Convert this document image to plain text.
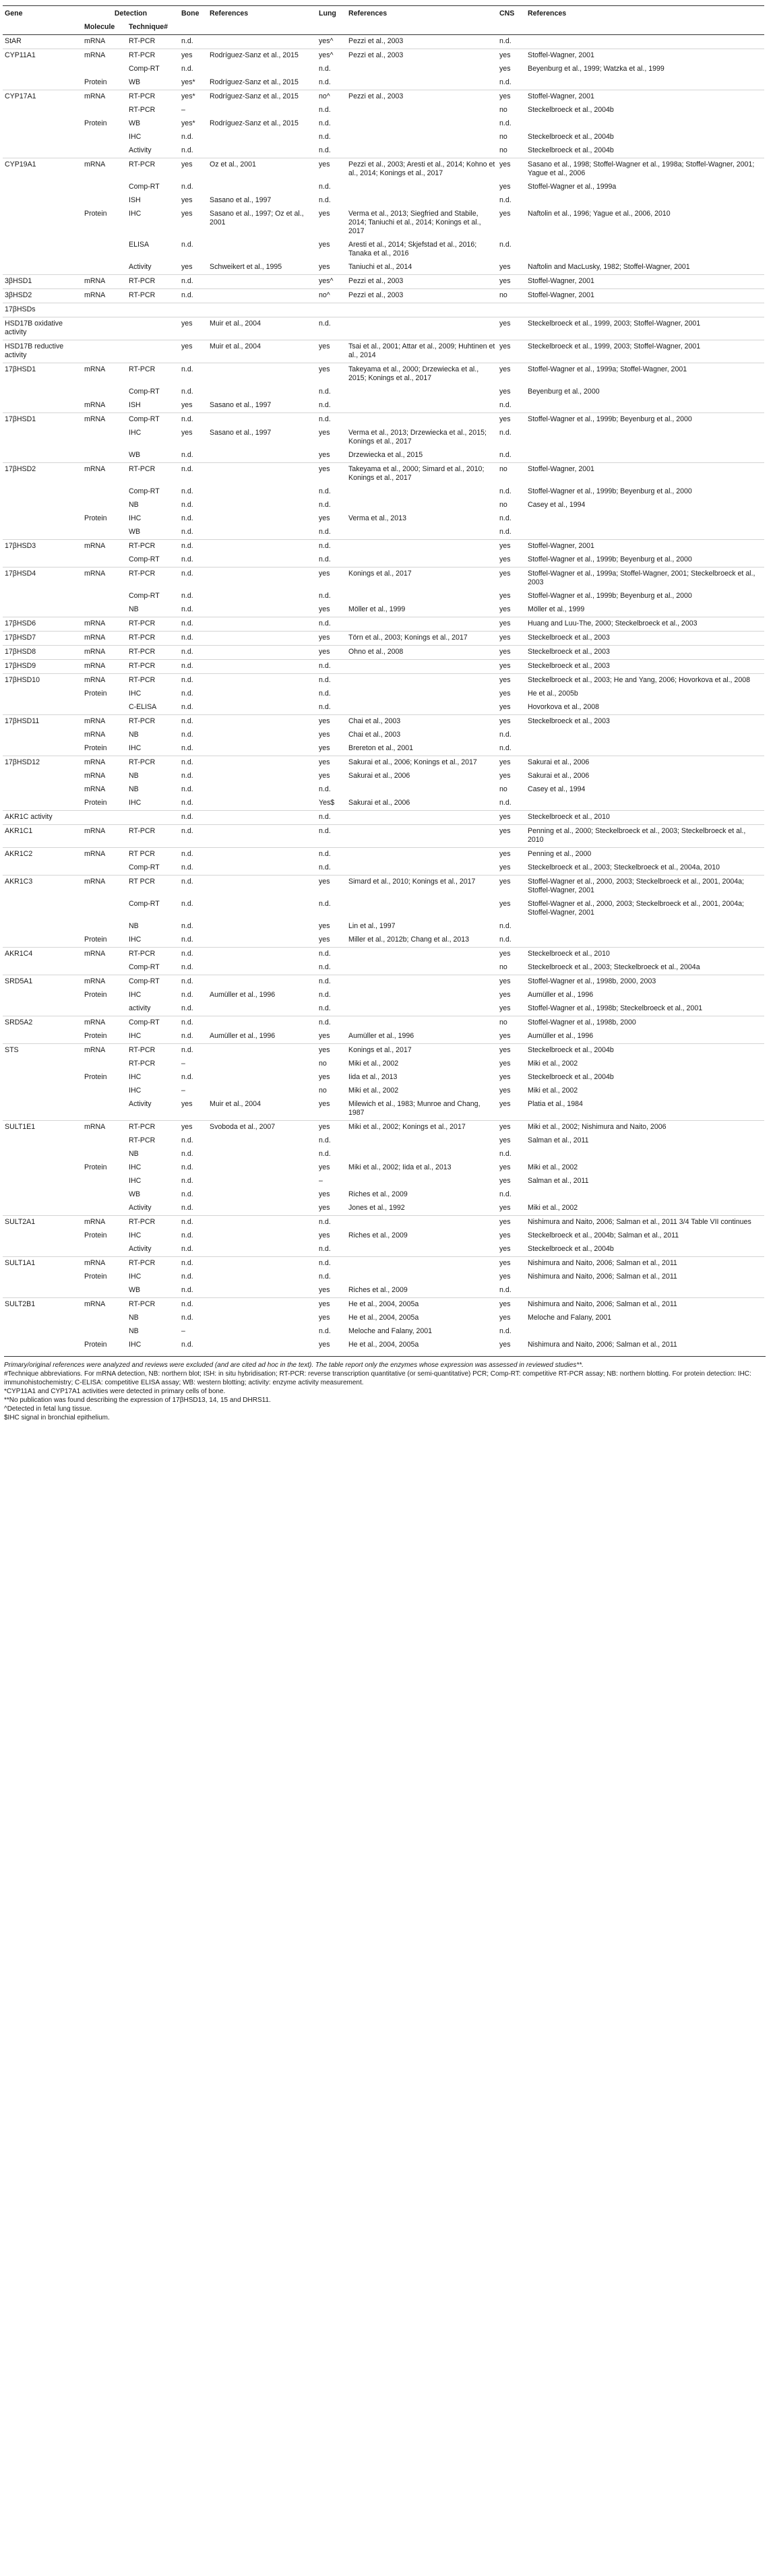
Gene	Detection		Bone	References	Lung	References	CNS	References
	Molecule	Technique#						
StAR	mRNA	RT-PCR	n.d.		yes^	Pezzi et al., 2003	n.d.	
CYP11A1	mRNA	RT-PCR	yes	Rodríguez-Sanz et al., 2015	yes^	Pezzi et al., 2003	yes	Stoffel-Wagner, 2001
		Comp-RT	n.d.		n.d.		yes	Beyenburg et al., 1999; Watzka et al., 1999
	Protein	WB	yes*	Rodríguez-Sanz et al., 2015	n.d.		n.d.	
CYP17A1	mRNA	RT-PCR	yes*	Rodríguez-Sanz et al., 2015	no^	Pezzi et al., 2003	yes	Stoffel-Wagner, 2001
		RT-PCR	–		n.d.		no	Steckelbroeck et al., 2004b
	Protein	WB	yes*	Rodríguez-Sanz et al., 2015	n.d.		n.d.	
		IHC	n.d.		n.d.		no	Steckelbroeck et al., 2004b
		Activity	n.d.		n.d.		no	Steckelbroeck et al., 2004b
CYP19A1	mRNA	RT-PCR	yes	Oz et al., 2001	yes	Pezzi et al., 2003; Aresti et al., 2014; Kohno et al., 2014; Konings et al., 2017	yes	Sasano et al., 1998; Stoffel-Wagner et al., 1998a; Stoffel-Wagner, 2001; Yague et al., 2006
		Comp-RT	n.d.		n.d.		yes	Stoffel-Wagner et al., 1999a
		ISH	yes	Sasano et al., 1997	n.d.		n.d.	
	Protein	IHC	yes	Sasano et al., 1997; Oz et al., 2001	yes	Verma et al., 2013; Siegfried and Stabile, 2014; Taniuchi et al., 2014; Konings et al., 2017	yes	Naftolin et al., 1996; Yague et al., 2006, 2010
		ELISA	n.d.		yes	Aresti et al., 2014; Skjefstad et al., 2016; Tanaka et al., 2016	n.d.	
		Activity	yes	Schweikert et al., 1995	yes	Taniuchi et al., 2014	yes	Naftolin and MacLusky, 1982; Stoffel-Wagner, 2001
3βHSD1	mRNA	RT-PCR	n.d.		yes^	Pezzi et al., 2003	yes	Stoffel-Wagner, 2001
3βHSD2	mRNA	RT-PCR	n.d.		no^	Pezzi et al., 2003	no	Stoffel-Wagner, 2001
17βHSDs								
HSD17B oxidative activity			yes	Muir et al., 2004	n.d.		yes	Steckelbroeck et al., 1999, 2003; Stoffel-Wagner, 2001
HSD17B reductive activity			yes	Muir et al., 2004	yes	Tsai et al., 2001; Attar et al., 2009; Huhtinen et al., 2014	yes	Steckelbroeck et al., 1999, 2003; Stoffel-Wagner, 2001
17βHSD1	mRNA	RT-PCR	n.d.		yes	Takeyama et al., 2000; Drzewiecka et al., 2015; Konings et al., 2017	yes	Stoffel-Wagner et al., 1999a; Stoffel-Wagner, 2001
		Comp-RT	n.d.		n.d.		yes	Beyenburg et al., 2000
	mRNA	ISH	yes	Sasano et al., 1997	n.d.		n.d.	
17βHSD1	mRNA	Comp-RT	n.d.		n.d.		yes	Stoffel-Wagner et al., 1999b; Beyenburg et al., 2000
		IHC	yes	Sasano et al., 1997	yes	Verma et al., 2013; Drzewiecka et al., 2015; Konings et al., 2017	n.d.	
		WB	n.d.		yes	Drzewiecka et al., 2015	n.d.	
17βHSD2	mRNA	RT-PCR	n.d.		yes	Takeyama et al., 2000; Simard et al., 2010; Konings et al., 2017	no	Stoffel-Wagner, 2001
		Comp-RT	n.d.		n.d.		n.d.	Stoffel-Wagner et al., 1999b; Beyenburg et al., 2000
		NB	n.d.		n.d.		no	Casey et al., 1994
	Protein	IHC	n.d.		yes	Verma et al., 2013	n.d.	
		WB	n.d.		n.d.		n.d.	
17βHSD3	mRNA	RT-PCR	n.d.		n.d.		yes	Stoffel-Wagner, 2001
		Comp-RT	n.d.		n.d.		yes	Stoffel-Wagner et al., 1999b; Beyenburg et al., 2000
17βHSD4	mRNA	RT-PCR	n.d.		yes	Konings et al., 2017	yes	Stoffel-Wagner et al., 1999a; Stoffel-Wagner, 2001; Steckelbroeck et al., 2003
		Comp-RT	n.d.		n.d.		yes	Stoffel-Wagner et al., 1999b; Beyenburg et al., 2000
		NB	n.d.		yes	Möller et al., 1999	yes	Möller et al., 1999
17βHSD6	mRNA	RT-PCR	n.d.		n.d.		yes	Huang and Luu-The, 2000; Steckelbroeck et al., 2003
17βHSD7	mRNA	RT-PCR	n.d.		yes	Törn et al., 2003; Konings et al., 2017	yes	Steckelbroeck et al., 2003
17βHSD8	mRNA	RT-PCR	n.d.		yes	Ohno et al., 2008	yes	Steckelbroeck et al., 2003
17βHSD9	mRNA	RT-PCR	n.d.		n.d.		yes	Steckelbroeck et al., 2003
17βHSD10	mRNA	RT-PCR	n.d.		n.d.		yes	Steckelbroeck et al., 2003; He and Yang, 2006; Hovorkova et al., 2008
	Protein	IHC	n.d.		n.d.		yes	He et al., 2005b
		C-ELISA	n.d.		n.d.		yes	Hovorkova et al., 2008
17βHSD11	mRNA	RT-PCR	n.d.		yes	Chai et al., 2003	yes	Steckelbroeck et al., 2003
	mRNA	NB	n.d.		yes	Chai et al., 2003	n.d.	
	Protein	IHC	n.d.		yes	Brereton et al., 2001	n.d.	
17βHSD12	mRNA	RT-PCR	n.d.		yes	Sakurai et al., 2006; Konings et al., 2017	yes	Sakurai et al., 2006
	mRNA	NB	n.d.		yes	Sakurai et al., 2006	yes	Sakurai et al., 2006
	mRNA	NB	n.d.		n.d.		no	Casey et al., 1994
	Protein	IHC	n.d.		Yes$	Sakurai et al., 2006	n.d.	
AKR1C activity			n.d.		n.d.		yes	Steckelbroeck et al., 2010
AKR1C1	mRNA	RT-PCR	n.d.		n.d.		yes	Penning et al., 2000; Steckelbroeck et al., 2003; Steckelbroeck et al., 2010
AKR1C2	mRNA	RT PCR	n.d.		n.d.		yes	Penning et al., 2000
		Comp-RT	n.d.		n.d.		yes	Steckelbroeck et al., 2003; Steckelbroeck et al., 2004a, 2010
AKR1C3	mRNA	RT PCR	n.d.		yes	Simard et al., 2010; Konings et al., 2017	yes	Stoffel-Wagner et al., 2000, 2003; Steckelbroeck et al., 2001, 2004a; Stoffel-Wagner, 2001
		Comp-RT	n.d.		n.d.		yes	Stoffel-Wagner et al., 2000, 2003; Steckelbroeck et al., 2001, 2004a; Stoffel-Wagner, 2001
		NB	n.d.		yes	Lin et al., 1997	n.d.	
	Protein	IHC	n.d.		yes	Miller et al., 2012b; Chang et al., 2013	n.d.	
AKR1C4	mRNA	RT-PCR	n.d.		n.d.		yes	Steckelbroeck et al., 2010
		Comp-RT	n.d.		n.d.		no	Steckelbroeck et al., 2003; Steckelbroeck et al., 2004a
SRD5A1	mRNA	Comp-RT	n.d.		n.d.		yes	Stoffel-Wagner et al., 1998b, 2000, 2003
	Protein	IHC	n.d.	Aumüller et al., 1996	n.d.		yes	Aumüller et al., 1996
		activity	n.d.		n.d.		yes	Stoffel-Wagner et al., 1998b; Steckelbroeck et al., 2001
SRD5A2	mRNA	Comp-RT	n.d.		n.d.		no	Stoffel-Wagner et al., 1998b, 2000
	Protein	IHC	n.d.	Aumüller et al., 1996	yes	Aumüller et al., 1996	yes	Aumüller et al., 1996
STS	mRNA	RT-PCR	n.d.		yes	Konings et al., 2017	yes	Steckelbroeck et al., 2004b
		RT-PCR	–		no	Miki et al., 2002	yes	Miki et al., 2002
	Protein	IHC	n.d.		yes	Iida et al., 2013	yes	Steckelbroeck et al., 2004b
		IHC	–		no	Miki et al., 2002	yes	Miki et al., 2002
		Activity	yes	Muir et al., 2004	yes	Milewich et al., 1983; Munroe and Chang, 1987	yes	Platia et al., 1984
SULT1E1	mRNA	RT-PCR	yes	Svoboda et al., 2007	yes	Miki et al., 2002; Konings et al., 2017	yes	Miki et al., 2002; Nishimura and Naito, 2006
		RT-PCR	n.d.		n.d.		yes	Salman et al., 2011
		NB	n.d.		n.d.		n.d.	
	Protein	IHC	n.d.		yes	Miki et al., 2002; Iida et al., 2013	yes	Miki et al., 2002
		IHC	n.d.		–		yes	Salman et al., 2011
		WB	n.d.		yes	Riches et al., 2009	n.d.	
		Activity	n.d.		yes	Jones et al., 1992	yes	Miki et al., 2002
SULT2A1	mRNA	RT-PCR	n.d.		n.d.		yes	Nishimura and Naito, 2006; Salman et al., 2011 3/4 Table VII continues
	Protein	IHC	n.d.		yes	Riches et al., 2009	yes	Steckelbroeck et al., 2004b; Salman et al., 2011
		Activity	n.d.		n.d.		yes	Steckelbroeck et al., 2004b
SULT1A1	mRNA	RT-PCR	n.d.		n.d.		yes	Nishimura and Naito, 2006; Salman et al., 2011
	Protein	IHC	n.d.		n.d.		yes	Nishimura and Naito, 2006; Salman et al., 2011
		WB	n.d.		yes	Riches et al., 2009	n.d.	
SULT2B1	mRNA	RT-PCR	n.d.		yes	He et al., 2004, 2005a	yes	Nishimura and Naito, 2006; Salman et al., 2011
		NB	n.d.		yes	He et al., 2004, 2005a	yes	Meloche and Falany, 2001
		NB	–		n.d.	Meloche and Falany, 2001	n.d.	
	Protein	IHC	n.d.		yes	He et al., 2004, 2005a	yes	Nishimura and Naito, 2006; Salman et al., 2011

Primary/original references were analyzed and reviews were excluded (and are cited ad hoc in the text). The table report only the enzymes whose expression was assessed in reviewed studies**.

#Technique abbreviations. For mRNA detection, NB: northern blot; ISH: in situ hybridisation; RT-PCR: reverse transcription quantitative (or semi-quantitative) PCR; Comp-RT: competitive RT-PCR assay; NB: northern blotting. For protein detection: IHC: immunohistochemistry; C-ELISA: competitive ELISA assay; WB: western blotting; activity: enzyme activity measurement.

*CYP11A1 and CYP17A1 activities were detected in primary cells of bone.

**No publication was found describing the expression of 17βHSD13, 14, 15 and DHRS11.

^Detected in fetal lung tissue.

$IHC signal in bronchial epithelium.
